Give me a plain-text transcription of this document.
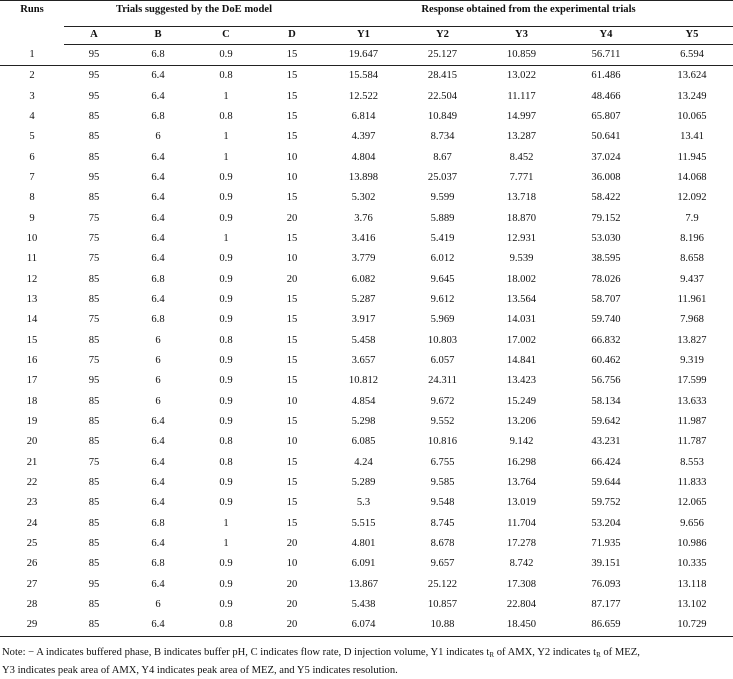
Runs	Trials suggested by the DoE model				Response obtained from the experimental trials				
	A	B	C	D	Y1	Y2	Y3	Y4	Y5
1	95	6.8	0.9	15	19.647	25.127	10.859	56.711	6.594
2	95	6.4	0.8	15	15.584	28.415	13.022	61.486	13.624
3	95	6.4	1	15	12.522	22.504	11.117	48.466	13.249
4	85	6.8	0.8	15	6.814	10.849	14.997	65.807	10.065
5	85	6	1	15	4.397	8.734	13.287	50.641	13.41
6	85	6.4	1	10	4.804	8.67	8.452	37.024	11.945
7	95	6.4	0.9	10	13.898	25.037	7.771	36.008	14.068
8	85	6.4	0.9	15	5.302	9.599	13.718	58.422	12.092
9	75	6.4	0.9	20	3.76	5.889	18.870	79.152	7.9
10	75	6.4	1	15	3.416	5.419	12.931	53.030	8.196
11	75	6.4	0.9	10	3.779	6.012	9.539	38.595	8.658
12	85	6.8	0.9	20	6.082	9.645	18.002	78.026	9.437
13	85	6.4	0.9	15	5.287	9.612	13.564	58.707	11.961
14	75	6.8	0.9	15	3.917	5.969	14.031	59.740	7.968
15	85	6	0.8	15	5.458	10.803	17.002	66.832	13.827
16	75	6	0.9	15	3.657	6.057	14.841	60.462	9.319
17	95	6	0.9	15	10.812	24.311	13.423	56.756	17.599
18	85	6	0.9	10	4.854	9.672	15.249	58.134	13.633
19	85	6.4	0.9	15	5.298	9.552	13.206	59.642	11.987
20	85	6.4	0.8	10	6.085	10.816	9.142	43.231	11.787
21	75	6.4	0.8	15	4.24	6.755	16.298	66.424	8.553
22	85	6.4	0.9	15	5.289	9.585	13.764	59.644	11.833
23	85	6.4	0.9	15	5.3	9.548	13.019	59.752	12.065
24	85	6.8	1	15	5.515	8.745	11.704	53.204	9.656
25	85	6.4	1	20	4.801	8.678	17.278	71.935	10.986
26	85	6.8	0.9	10	6.091	9.657	8.742	39.151	10.335
27	95	6.4	0.9	20	13.867	25.122	17.308	76.093	13.118
28	85	6	0.9	20	5.438	10.857	22.804	87.177	13.102
29	85	6.4	0.8	20	6.074	10.88	18.450	86.659	10.729
Note: − A indicates buffered phase, B indicates buffer pH, C indicates flow rate, D injection volume, Y1 indicates $t_R$ of AMX, Y2 indicates $t_R$ of MEZ,
Y3 indicates peak area of AMX, Y4 indicates peak area of MEZ, and Y5 indicates resolution.
